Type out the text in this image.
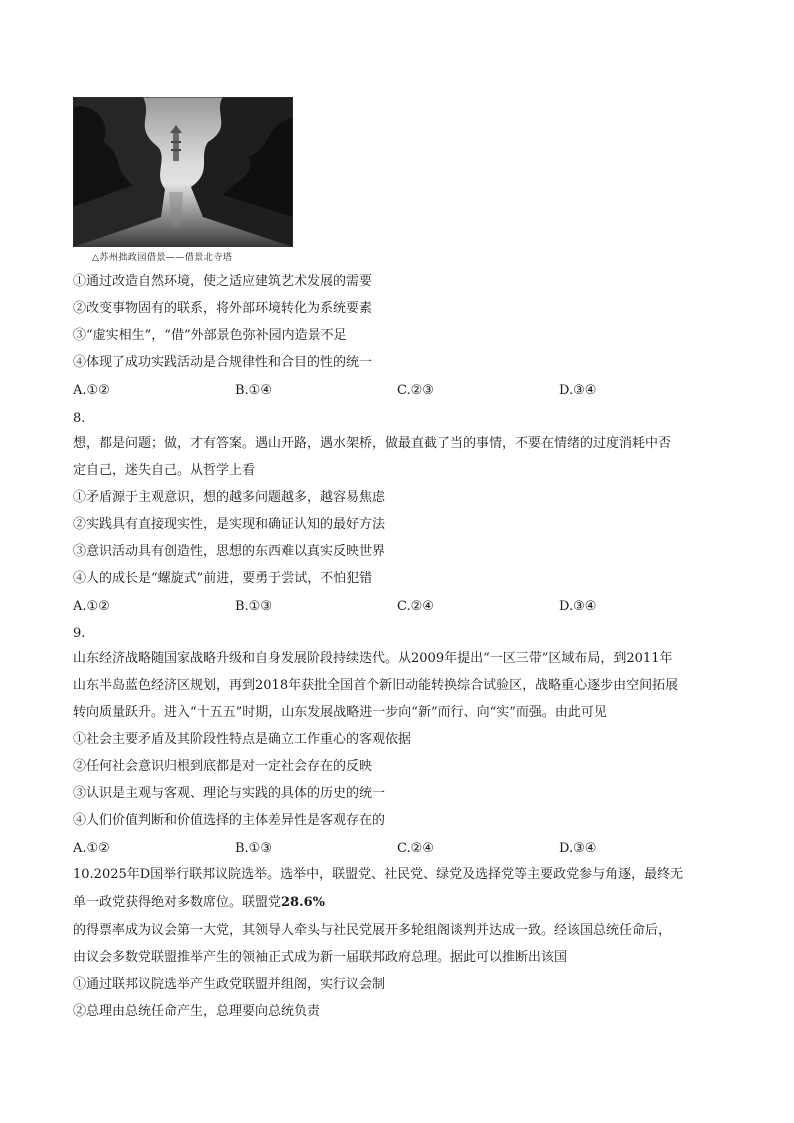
△苏州拙政园借景——借景北寺塔
①通过改造自然环境，使之适应建筑艺术发展的需要
②改变事物固有的联系，将外部环境转化为系统要素
③“虚实相生”，“借”外部景色弥补园内造景不足
④体现了成功实践活动是合规律性和合目的性的统一
A.①②	B.①④	C.②③	D.③④
8.
想，都是问题；做，才有答案。遇山开路，遇水架桥，做最直截了当的事情，不要在情绪的过度消耗中否
定自己，迷失自己。从哲学上看
①矛盾源于主观意识，想的越多问题越多，越容易焦虑
②实践具有直接现实性，是实现和确证认知的最好方法
③意识活动具有创造性，思想的东西难以真实反映世界
④人的成长是“螺旋式”前进，要勇于尝试，不怕犯错
A.①②	B.①③	C.②④	D.③④
9.
山东经济战略随国家战略升级和自身发展阶段持续迭代。从2009年提出“一区三带”区域布局，到2011年
山东半岛蓝色经济区规划，再到2018年获批全国首个新旧动能转换综合试验区，战略重心逐步由空间拓展
转向质量跃升。进入“十五五”时期，山东发展战略进一步向“新”而行、向“实”而强。由此可见
①社会主要矛盾及其阶段性特点是确立工作重心的客观依据
②任何社会意识归根到底都是对一定社会存在的反映
③认识是主观与客观、理论与实践的具体的历史的统一
④人们价值判断和价值选择的主体差异性是客观存在的
A.①②	B.①③	C.②④	D.③④
10.2025年D国举行联邦议院选举。选举中，联盟党、社民党、绿党及选择党等主要政党参与角逐，最终无
单一政党获得绝对多数席位。联盟党28.6%
的得票率成为议会第一大党，其领导人牵头与社民党展开多轮组阁谈判并达成一致。经该国总统任命后，
由议会多数党联盟推举产生的领袖正式成为新一届联邦政府总理。据此可以推断出该国
①通过联邦议院选举产生政党联盟并组阁，实行议会制
②总理由总统任命产生，总理要向总统负责
